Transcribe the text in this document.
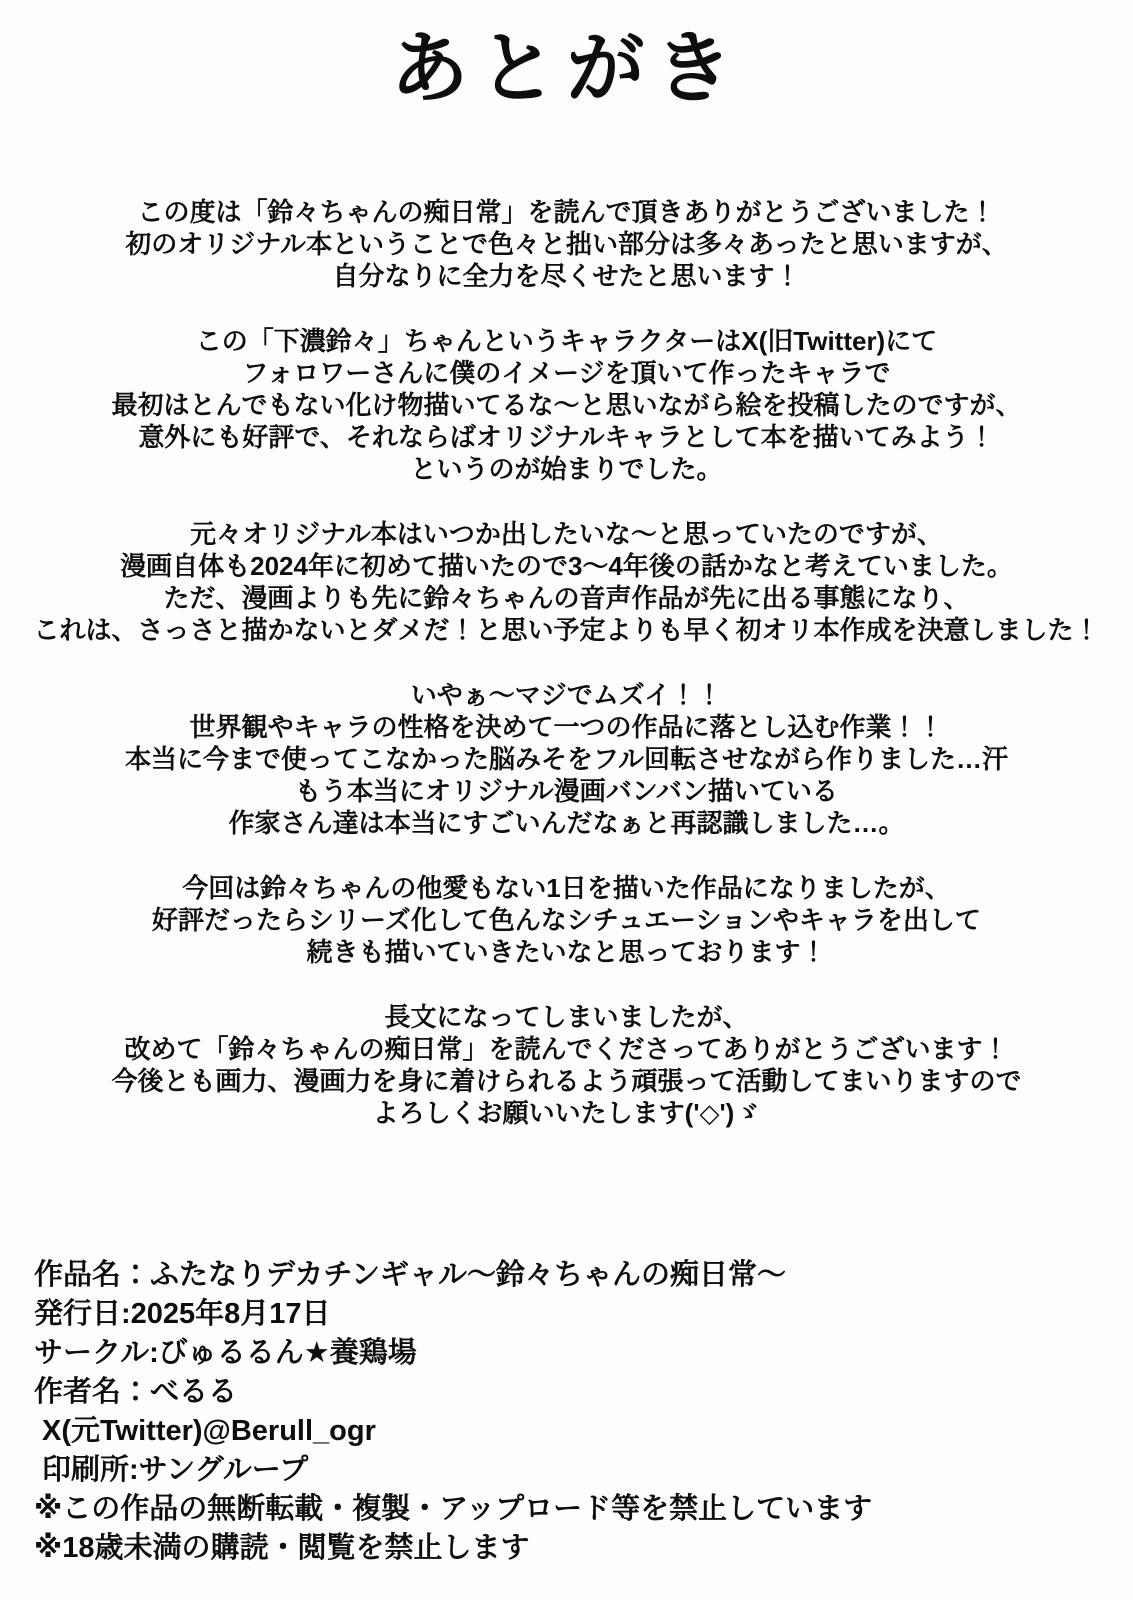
あとがき

この度は「鈴々ちゃんの痴日常」を読んで頂きありがとうございました！
初のオリジナル本ということで色々と拙い部分は多々あったと思いますが、
自分なりに全力を尽くせたと思います！

この「下濃鈴々」ちゃんというキャラクターはX(旧Twitter)にて
フォロワーさんに僕のイメージを頂いて作ったキャラで
最初はとんでもない化け物描いてるな〜と思いながら絵を投稿したのですが、
意外にも好評で、それならばオリジナルキャラとして本を描いてみよう！
というのが始まりでした。

元々オリジナル本はいつか出したいな〜と思っていたのですが、
漫画自体も2024年に初めて描いたので3〜4年後の話かなと考えていました。
ただ、漫画よりも先に鈴々ちゃんの音声作品が先に出る事態になり、
これは、さっさと描かないとダメだ！と思い予定よりも早く初オリ本作成を決意しました！

いやぁ〜マジでムズイ！！
世界観やキャラの性格を決めて一つの作品に落とし込む作業！！
本当に今まで使ってこなかった脳みそをフル回転させながら作りました…汗
もう本当にオリジナル漫画バンバン描いている
作家さん達は本当にすごいんだなぁと再認識しました…。

今回は鈴々ちゃんの他愛もない1日を描いた作品になりましたが、
好評だったらシリーズ化して色んなシチュエーションやキャラを出して
続きも描いていきたいなと思っております！

長文になってしまいましたが、
改めて「鈴々ちゃんの痴日常」を読んでくださってありがとうございます！
今後とも画力、漫画力を身に着けられるよう頑張って活動してまいりますので
よろしくお願いいたします('◇')ゞ

作品名：ふたなりデカチンギャル〜鈴々ちゃんの痴日常〜
発行日:2025年8月17日
サークル:びゅるるん★養鶏場
作者名：べるる
X(元Twitter)@Berull_ogr
印刷所:サングループ
※この作品の無断転載・複製・アップロード等を禁止しています
※18歳未満の購読・閲覧を禁止します
